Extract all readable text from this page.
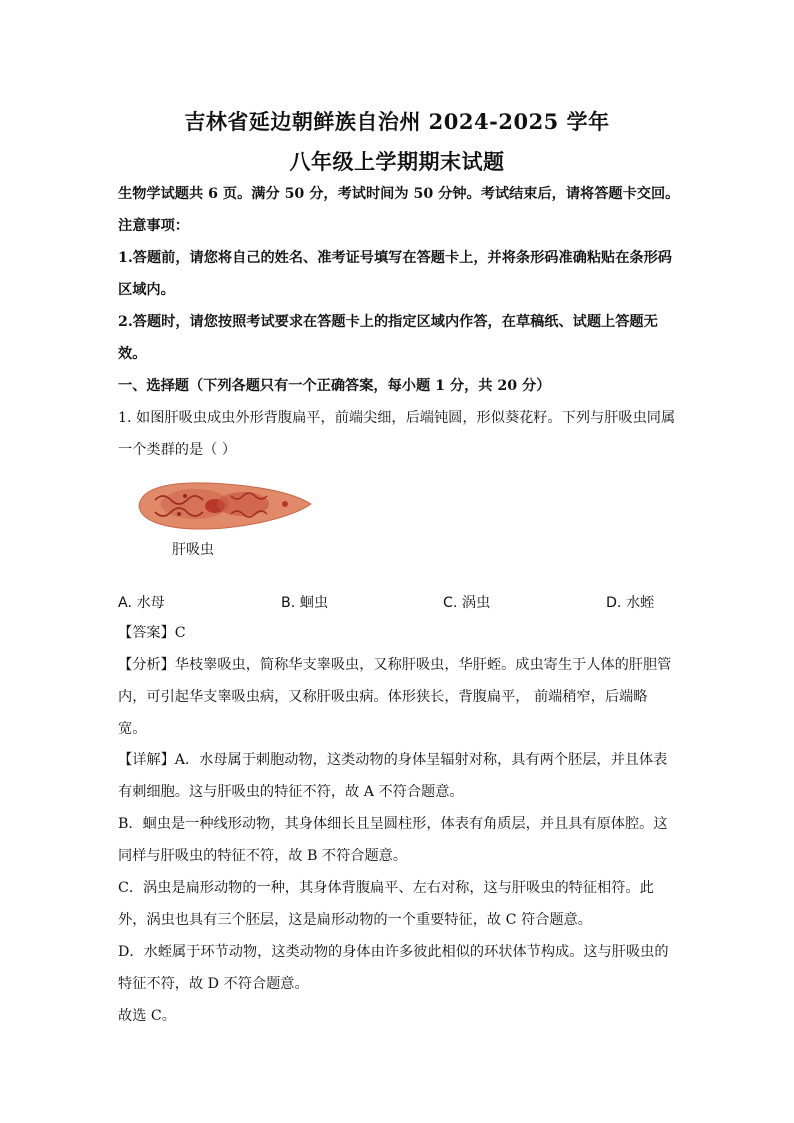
吉林省延边朝鲜族自治州 2024-2025 学年
八年级上学期期末试题
生物学试题共 6 页。满分 50 分，考试时间为 50 分钟。考试结束后，请将答题卡交回。
注意事项：
1.答题前，请您将自己的姓名、准考证号填写在答题卡上，并将条形码准确粘贴在条形码
区域内。
2.答题时，请您按照考试要求在答题卡上的指定区域内作答，在草稿纸、试题上答题无
效。
一、选择题（下列各题只有一个正确答案，每小题 1 分，共 20 分）
1. 如图肝吸虫成虫外形背腹扁平，前端尖细，后端钝圆，形似葵花籽。下列与肝吸虫同属
一个类群的是（ ）
肝吸虫
A. 水母	B. 蛔虫	C. 涡虫	D. 水蛭
【答案】C
【分析】华枝睾吸虫，简称华支睾吸虫，又称肝吸虫，华肝蛭。成虫寄生于人体的肝胆管
内，可引起华支睾吸虫病，又称肝吸虫病。体形狭长，背腹扁平， 前端稍窄，后端略
宽。
【详解】A．水母属于刺胞动物，这类动物的身体呈辐射对称，具有两个胚层，并且体表
有刺细胞。这与肝吸虫的特征不符，故 A 不符合题意。
B．蛔虫是一种线形动物，其身体细长且呈圆柱形，体表有角质层，并且具有原体腔。这
同样与肝吸虫的特征不符，故 B 不符合题意。
C．涡虫是扁形动物的一种，其身体背腹扁平、左右对称，这与肝吸虫的特征相符。此
外，涡虫也具有三个胚层，这是扁形动物的一个重要特征，故 C 符合题意。
D．水蛭属于环节动物，这类动物的身体由许多彼此相似的环状体节构成。这与肝吸虫的
特征不符，故 D 不符合题意。
故选 C。
